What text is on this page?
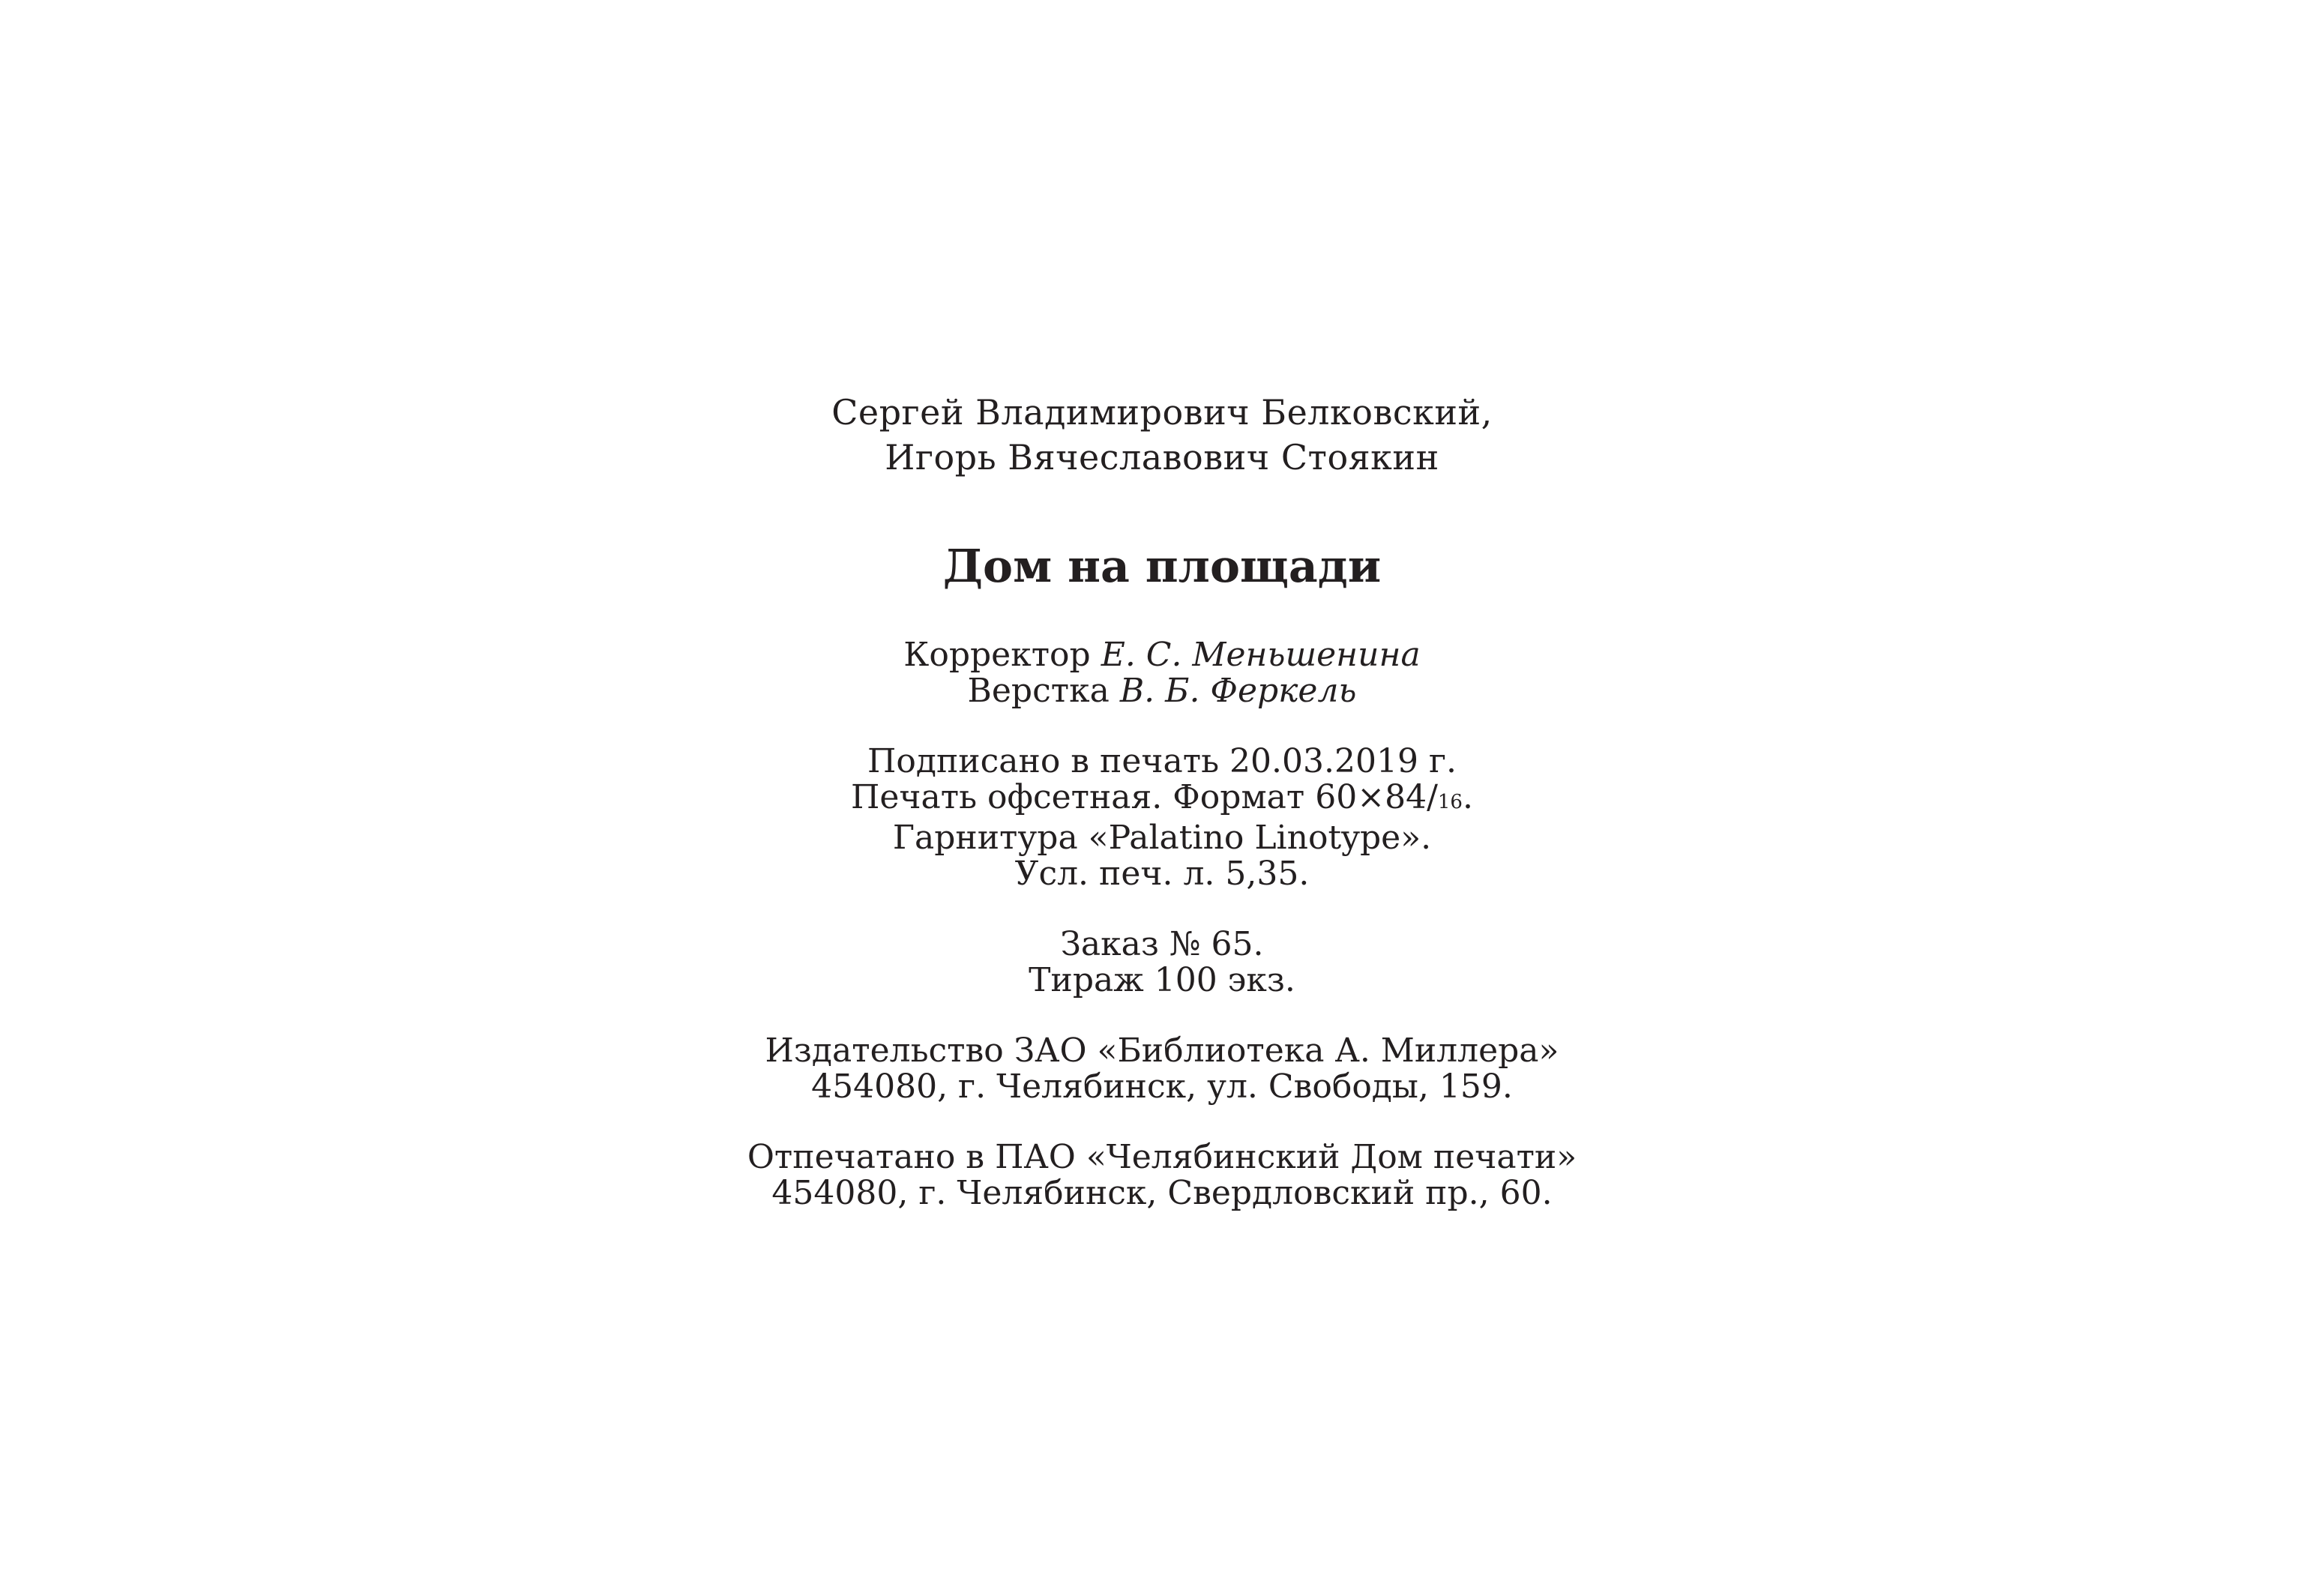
Сергей Владимирович Белковский,
Игорь Вячеславович Стоякин
Дом на площади
Корректор Е. С. Меньшенина
Верстка В. Б. Феркель
Подписано в печать 20.03.2019 г.
Печать офсетная. Формат 60×84/16.
Гарнитура «Palatino Linotype».
Усл. печ. л. 5,35.
Заказ № 65.
Тираж 100 экз.
Издательство ЗАО «Библиотека А. Миллера»
454080, г. Челябинск, ул. Свободы, 159.
Отпечатано в ПАО «Челябинский Дом печати»
454080, г. Челябинск, Свердловский пр., 60.
